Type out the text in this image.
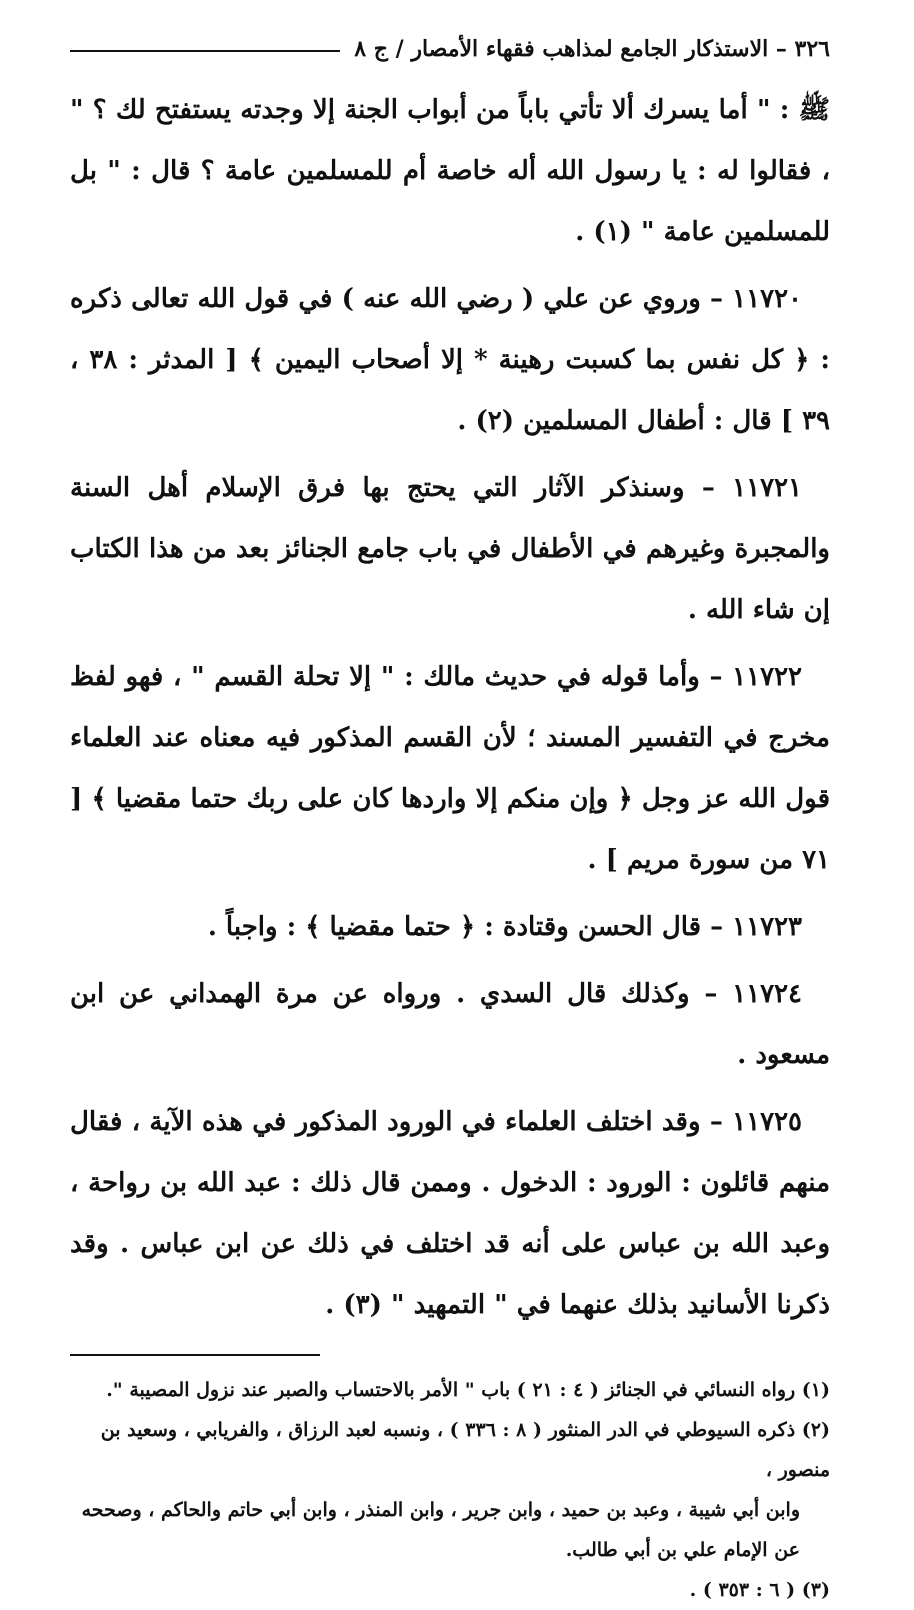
٣٢٦ – الاستذكار الجامع لمذاهب فقهاء الأمصار / ج ٨

ﷺ : " أما يسرك ألا تأتي باباً من أبواب الجنة إلا وجدته يستفتح لك ؟ " ، فقالوا له : يا رسول الله أله خاصة أم للمسلمين عامة ؟ قال : " بل للمسلمين عامة " (١) .

١١٧٢٠ – وروي عن علي ( رضي الله عنه ) في قول الله تعالى ذكره : ﴿ كل نفس بما كسبت رهينة * إلا أصحاب اليمين ﴾ [ المدثر : ٣٨ ، ٣٩ ] قال : أطفال المسلمين (٢) .

١١٧٢١ – وسنذكر الآثار التي يحتج بها فرق الإسلام أهل السنة والمجبرة وغيرهم في الأطفال في باب جامع الجنائز بعد من هذا الكتاب إن شاء الله .

١١٧٢٢ – وأما قوله في حديث مالك : " إلا تحلة القسم " ، فهو لفظ مخرج في التفسير المسند ؛ لأن القسم المذكور فيه معناه عند العلماء قول الله عز وجل ﴿ وإن منكم إلا واردها كان على ربك حتما مقضيا ﴾ [ ٧١ من سورة مريم ] .

١١٧٢٣ – قال الحسن وقتادة : ﴿ حتما مقضيا ﴾ : واجباً .

١١٧٢٤ – وكذلك قال السدي . ورواه عن مرة الهمداني عن ابن مسعود .

١١٧٢٥ – وقد اختلف العلماء في الورود المذكور في هذه الآية ، فقال منهم قائلون : الورود : الدخول . وممن قال ذلك : عبد الله بن رواحة ، وعبد الله بن عباس على أنه قد اختلف في ذلك عن ابن عباس . وقد ذكرنا الأسانيد بذلك عنهما في " التمهيد " (٣) .

(١) رواه النسائي في الجنائز ( ٤ : ٢١ ) باب " الأمر بالاحتساب والصبر عند نزول المصيبة ".

(٢) ذكره السيوطي في الدر المنثور ( ٨ : ٣٣٦ ) ، ونسبه لعبد الرزاق ، والفريابي ، وسعيد بن منصور ،

وابن أبي شيبة ، وعبد بن حميد ، وابن جرير ، وابن المنذر ، وابن أبي حاتم والحاكم ، وصححه

عن الإمام علي بن أبي طالب.

(٣) ( ٦ : ٣٥٣ ) .
